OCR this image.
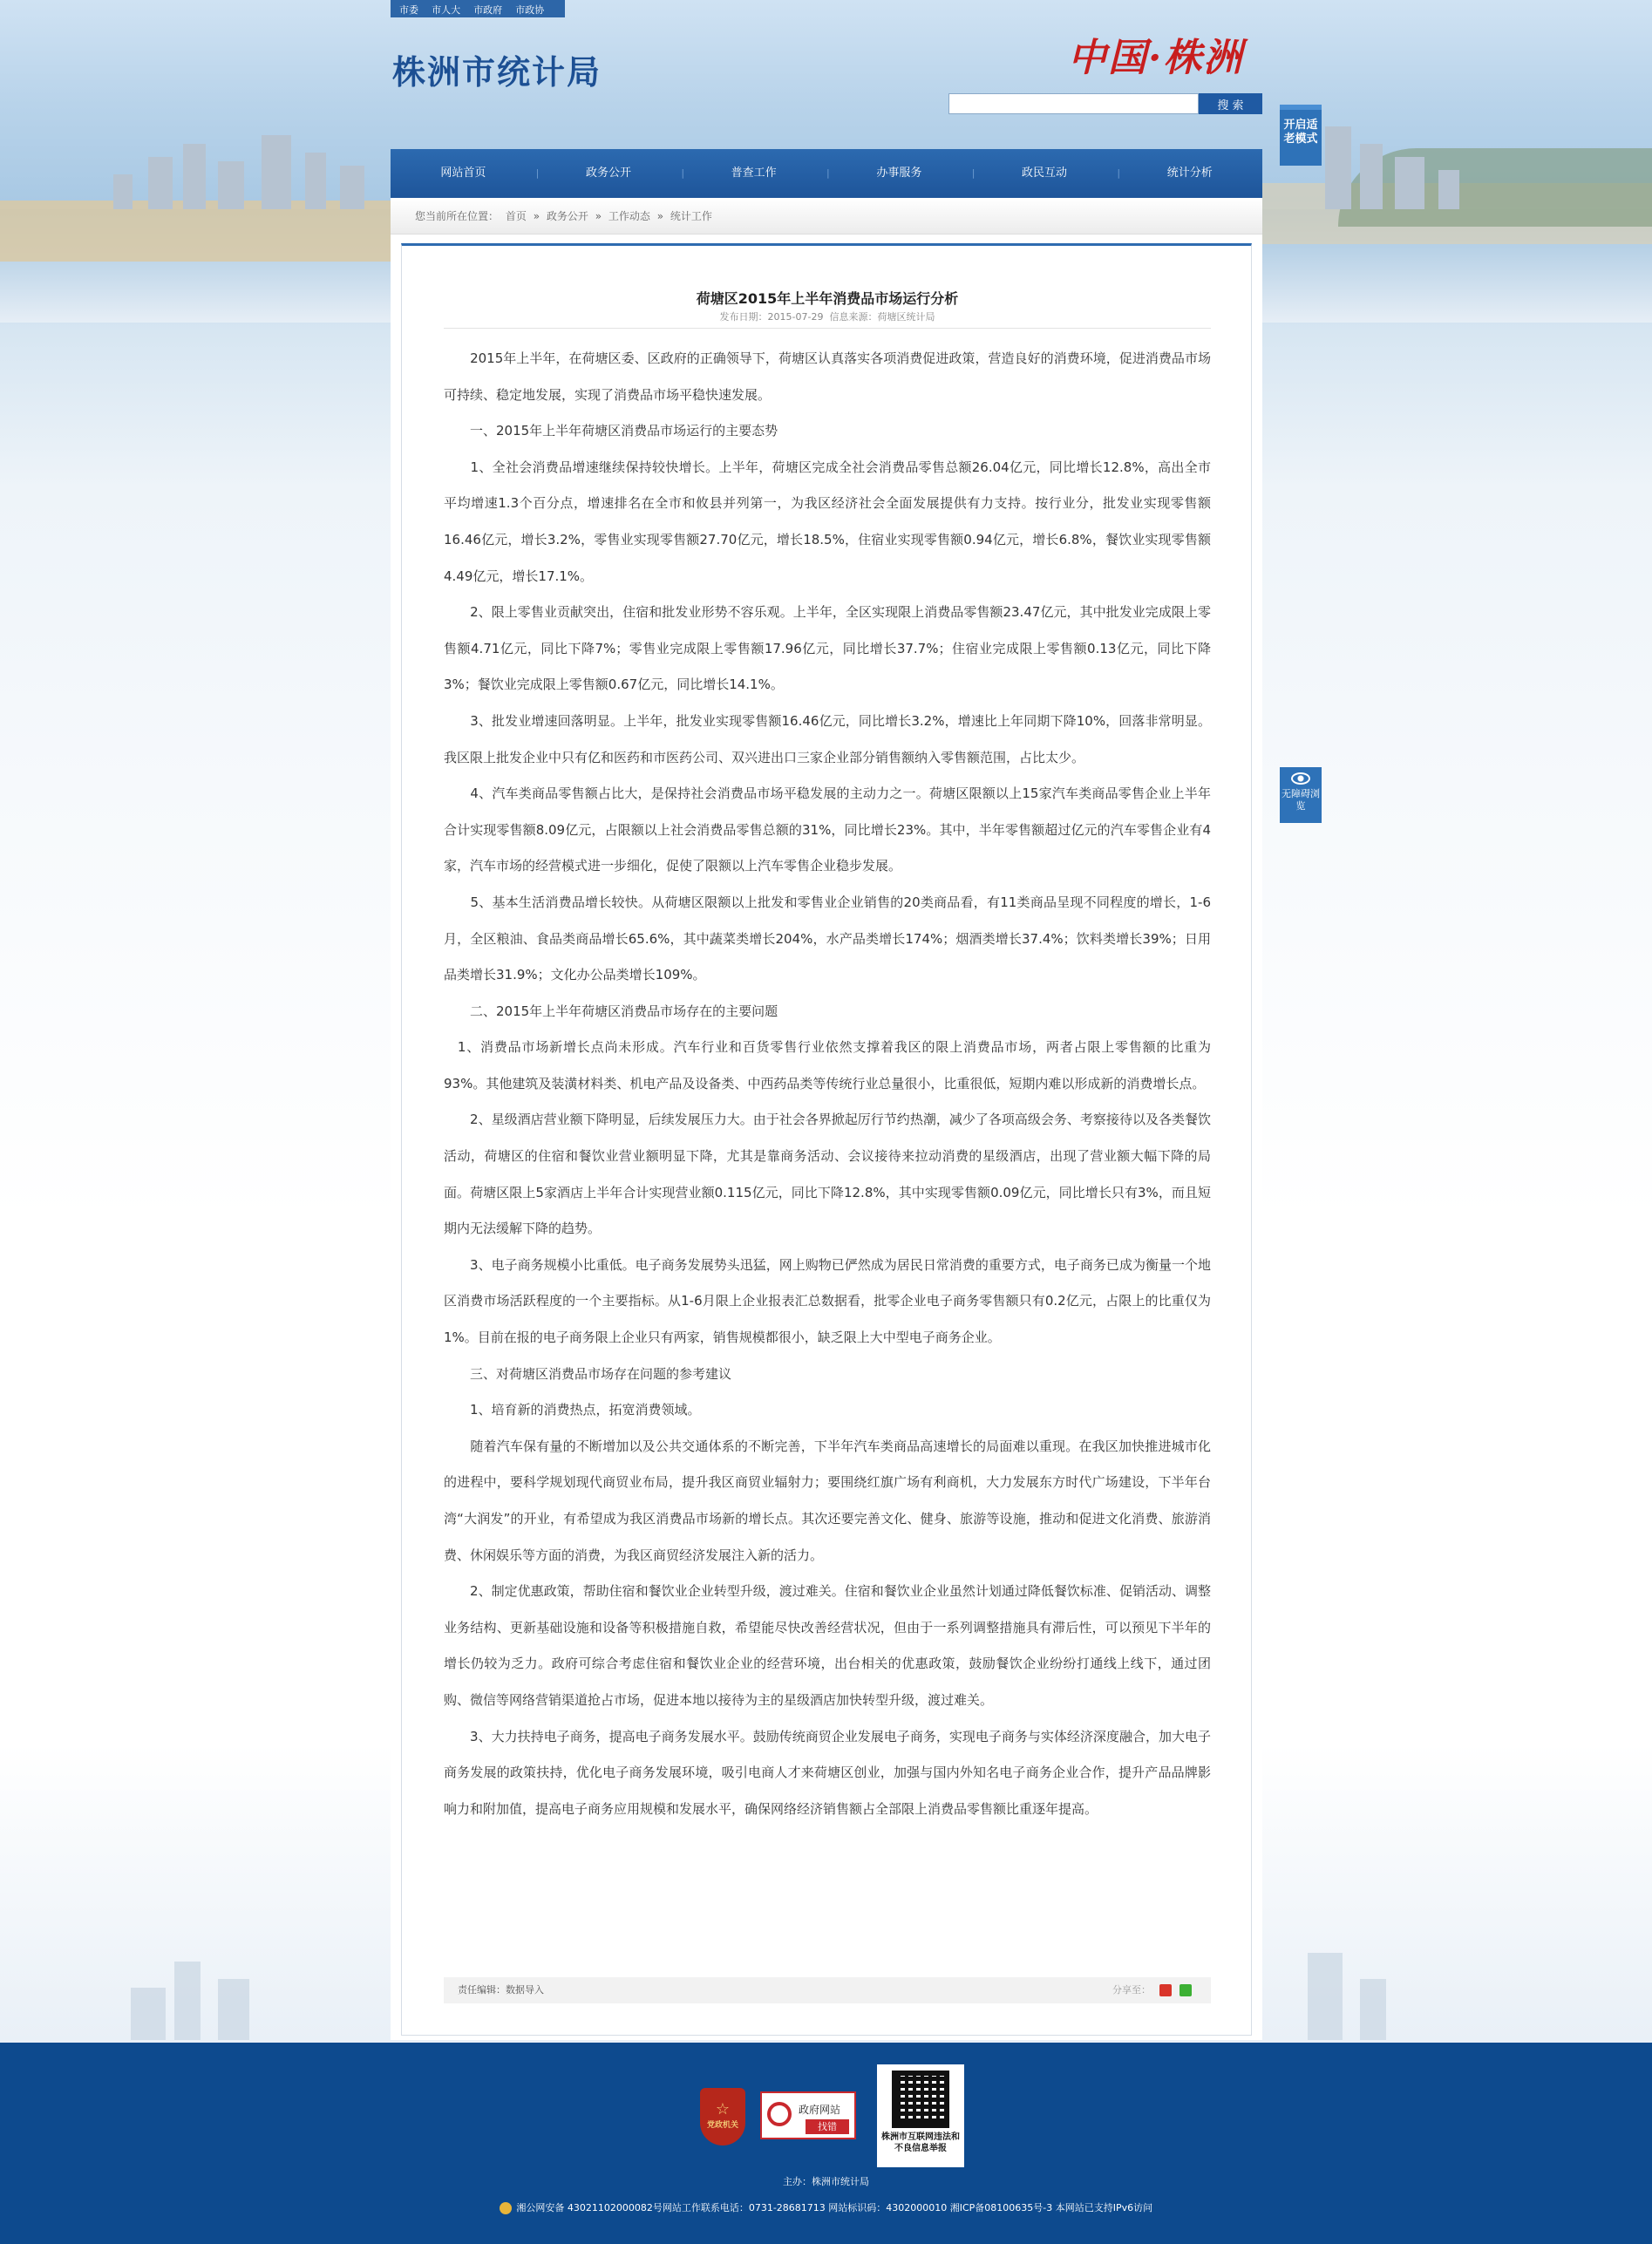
市委 市人大 市政府 市政协
株洲市统计局	中国·株洲
搜 索
开启适老模式
无障碍浏览
网站首页	| 政务公开	| 普查工作	| 办事服务	| 政民互动	| 统计分析
您当前所在位置： 首页 » 政务公开 » 工作动态 » 统计工作
荷塘区2015年上半年消费品市场运行分析
发布日期：2015-07-29 信息来源：荷塘区统计局

　　2015年上半年，在荷塘区委、区政府的正确领导下，荷塘区认真落实各项消费促进政策，营造良好的消费环境，促进消费品市场可持续、稳定地发展，实现了消费品市场平稳快速发展。

　　一、2015年上半年荷塘区消费品市场运行的主要态势

　　1、全社会消费品增速继续保持较快增长。上半年，荷塘区完成全社会消费品零售总额26.04亿元，同比增长12.8%，高出全市平均增速1.3个百分点，增速排名在全市和攸县并列第一，为我区经济社会全面发展提供有力支持。按行业分，批发业实现零售额16.46亿元，增长3.2%，零售业实现零售额27.70亿元，增长18.5%，住宿业实现零售额0.94亿元，增长6.8%，餐饮业实现零售额4.49亿元，增长17.1%。

　　2、限上零售业贡献突出，住宿和批发业形势不容乐观。上半年，全区实现限上消费品零售额23.47亿元，其中批发业完成限上零售额4.71亿元，同比下降7%；零售业完成限上零售额17.96亿元，同比增长37.7%；住宿业完成限上零售额0.13亿元，同比下降3%；餐饮业完成限上零售额0.67亿元，同比增长14.1%。

　　3、批发业增速回落明显。上半年，批发业实现零售额16.46亿元，同比增长3.2%，增速比上年同期下降10%，回落非常明显。我区限上批发企业中只有亿和医药和市医药公司、双兴进出口三家企业部分销售额纳入零售额范围，占比太少。

　　4、汽车类商品零售额占比大，是保持社会消费品市场平稳发展的主动力之一。荷塘区限额以上15家汽车类商品零售企业上半年合计实现零售额8.09亿元，占限额以上社会消费品零售总额的31%，同比增长23%。其中，半年零售额超过亿元的汽车零售企业有4家，汽车市场的经营模式进一步细化，促使了限额以上汽车零售企业稳步发展。

　　5、基本生活消费品增长较快。从荷塘区限额以上批发和零售业企业销售的20类商品看，有11类商品呈现不同程度的增长，1-6月，全区粮油、食品类商品增长65.6%，其中蔬菜类增长204%，水产品类增长174%；烟酒类增长37.4%；饮料类增长39%；日用品类增长31.9%；文化办公品类增长109%。

　　二、2015年上半年荷塘区消费品市场存在的主要问题

　1、消费品市场新增长点尚未形成。汽车行业和百货零售行业依然支撑着我区的限上消费品市场，两者占限上零售额的比重为93%。其他建筑及装潢材料类、机电产品及设备类、中西药品类等传统行业总量很小，比重很低，短期内难以形成新的消费增长点。

　　2、星级酒店营业额下降明显，后续发展压力大。由于社会各界掀起厉行节约热潮，减少了各项高级会务、考察接待以及各类餐饮活动，荷塘区的住宿和餐饮业营业额明显下降，尤其是靠商务活动、会议接待来拉动消费的星级酒店，出现了营业额大幅下降的局面。荷塘区限上5家酒店上半年合计实现营业额0.115亿元，同比下降12.8%，其中实现零售额0.09亿元，同比增长只有3%，而且短期内无法缓解下降的趋势。

　　3、电子商务规模小比重低。电子商务发展势头迅猛，网上购物已俨然成为居民日常消费的重要方式，电子商务已成为衡量一个地区消费市场活跃程度的一个主要指标。从1-6月限上企业报表汇总数据看，批零企业电子商务零售额只有0.2亿元，占限上的比重仅为1%。目前在报的电子商务限上企业只有两家，销售规模都很小，缺乏限上大中型电子商务企业。

　　三、对荷塘区消费品市场存在问题的参考建议

　　1、培育新的消费热点，拓宽消费领域。

　　随着汽车保有量的不断增加以及公共交通体系的不断完善，下半年汽车类商品高速增长的局面难以重现。在我区加快推进城市化的进程中，要科学规划现代商贸业布局，提升我区商贸业辐射力；要围绕红旗广场有利商机，大力发展东方时代广场建设，下半年台湾“大润发”的开业，有希望成为我区消费品市场新的增长点。其次还要完善文化、健身、旅游等设施，推动和促进文化消费、旅游消费、休闲娱乐等方面的消费，为我区商贸经济发展注入新的活力。

　　2、制定优惠政策，帮助住宿和餐饮业企业转型升级，渡过难关。住宿和餐饮业企业虽然计划通过降低餐饮标准、促销活动、调整业务结构、更新基础设施和设备等积极措施自救，希望能尽快改善经营状况，但由于一系列调整措施具有滞后性，可以预见下半年的增长仍较为乏力。政府可综合考虑住宿和餐饮业企业的经营环境，出台相关的优惠政策，鼓励餐饮企业纷纷打通线上线下，通过团购、微信等网络营销渠道抢占市场，促进本地以接待为主的星级酒店加快转型升级，渡过难关。

　　3、大力扶持电子商务，提高电子商务发展水平。鼓励传统商贸企业发展电子商务，实现电子商务与实体经济深度融合，加大电子商务发展的政策扶持，优化电子商务发展环境，吸引电商人才来荷塘区创业，加强与国内外知名电子商务企业合作，提升产品品牌影响力和附加值，提高电子商务应用规模和发展水平，确保网络经济销售额占全部限上消费品零售额比重逐年提高。

责任编辑：数据导入	分享至：
☆
党政机关
政府网站
找错
株洲市互联网违法和不良信息举报
主办：株洲市统计局
湘公网安备 43021102000082号网站工作联系电话：0731-28681713 网站标识码：4302000010 湘ICP备08100635号-3 本网站已支持IPv6访问
